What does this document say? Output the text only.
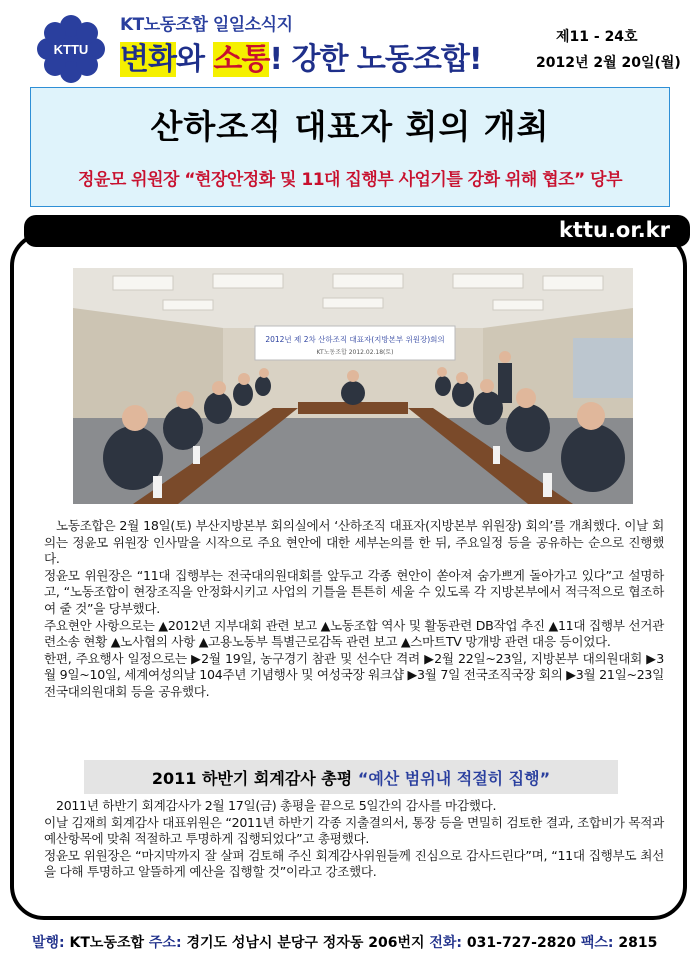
KTTU
KT노동조합 일일소식지
변화와 소통! 강한 노동조합!
제11 - 24호
2012년 2월 20일(월)
산하조직 대표자 회의 개최
정윤모 위원장 “현장안정화 및 11대 집행부 사업기틀 강화 위해 협조” 당부
kttu.or.kr
2012년 제 2차 산하조직 대표자(지방본부 위원장)회의
KT노동조합 2012.02.18(토)

노동조합은 2월 18일(토) 부산지방본부 회의실에서 ‘산하조직 대표자(지방본부 위원장) 회의’를 개최했다. 이날 회의는 정윤모 위원장 인사말을 시작으로 주요 현안에 대한 세부논의를 한 뒤, 주요일정 등을 공유하는 순으로 진행했다.

정윤모 위원장은 “11대 집행부는 전국대의원대회를 앞두고 각종 현안이 쏟아져 숨가쁘게 돌아가고 있다”고 설명하고, “노동조합이 현장조직을 안정화시키고 사업의 기틀을 튼튼히 세울 수 있도록 각 지방본부에서 적극적으로 협조하여 줄 것”을 당부했다.

주요현안 사항으로는 ▲2012년 지부대회 관련 보고 ▲노동조합 역사 및 활동관련 DB작업 추진 ▲11대 집행부 선거관련소송 현황 ▲노사협의 사항 ▲고용노동부 특별근로감독 관련 보고 ▲스마트TV 망개방 관련 대응 등이었다.

한편, 주요행사 일정으로는 ▶2월 19일, 농구경기 참관 및 선수단 격려 ▶2월 22일~23일, 지방본부 대의원대회 ▶3월 9일~10일, 세계여성의날 104주년 기념행사 및 여성국장 워크샵 ▶3월 7일 전국조직국장 회의 ▶3월 21일~23일 전국대의원대회 등을 공유했다.

2011 하반기 회계감사 총평 “예산 범위내 적절히 집행”

2011년 하반기 회계감사가 2월 17일(금) 총평을 끝으로 5일간의 감사를 마감했다.

이날 김재희 회계감사 대표위원은 “2011년 하반기 각종 지출결의서, 통장 등을 면밀히 검토한 결과, 조합비가 목적과 예산항목에 맞춰 적절하고 투명하게 집행되었다”고 총평했다.

정윤모 위원장은 “마지막까지 잘 살펴 검토해 주신 회계감사위원들께 진심으로 감사드린다”며, “11대 집행부도 최선을 다해 투명하고 알뜰하게 예산을 집행할 것”이라고 강조했다.

발행: KT노동조합 주소: 경기도 성남시 분당구 정자동 206번지 전화: 031-727-2820 팩스: 2815
